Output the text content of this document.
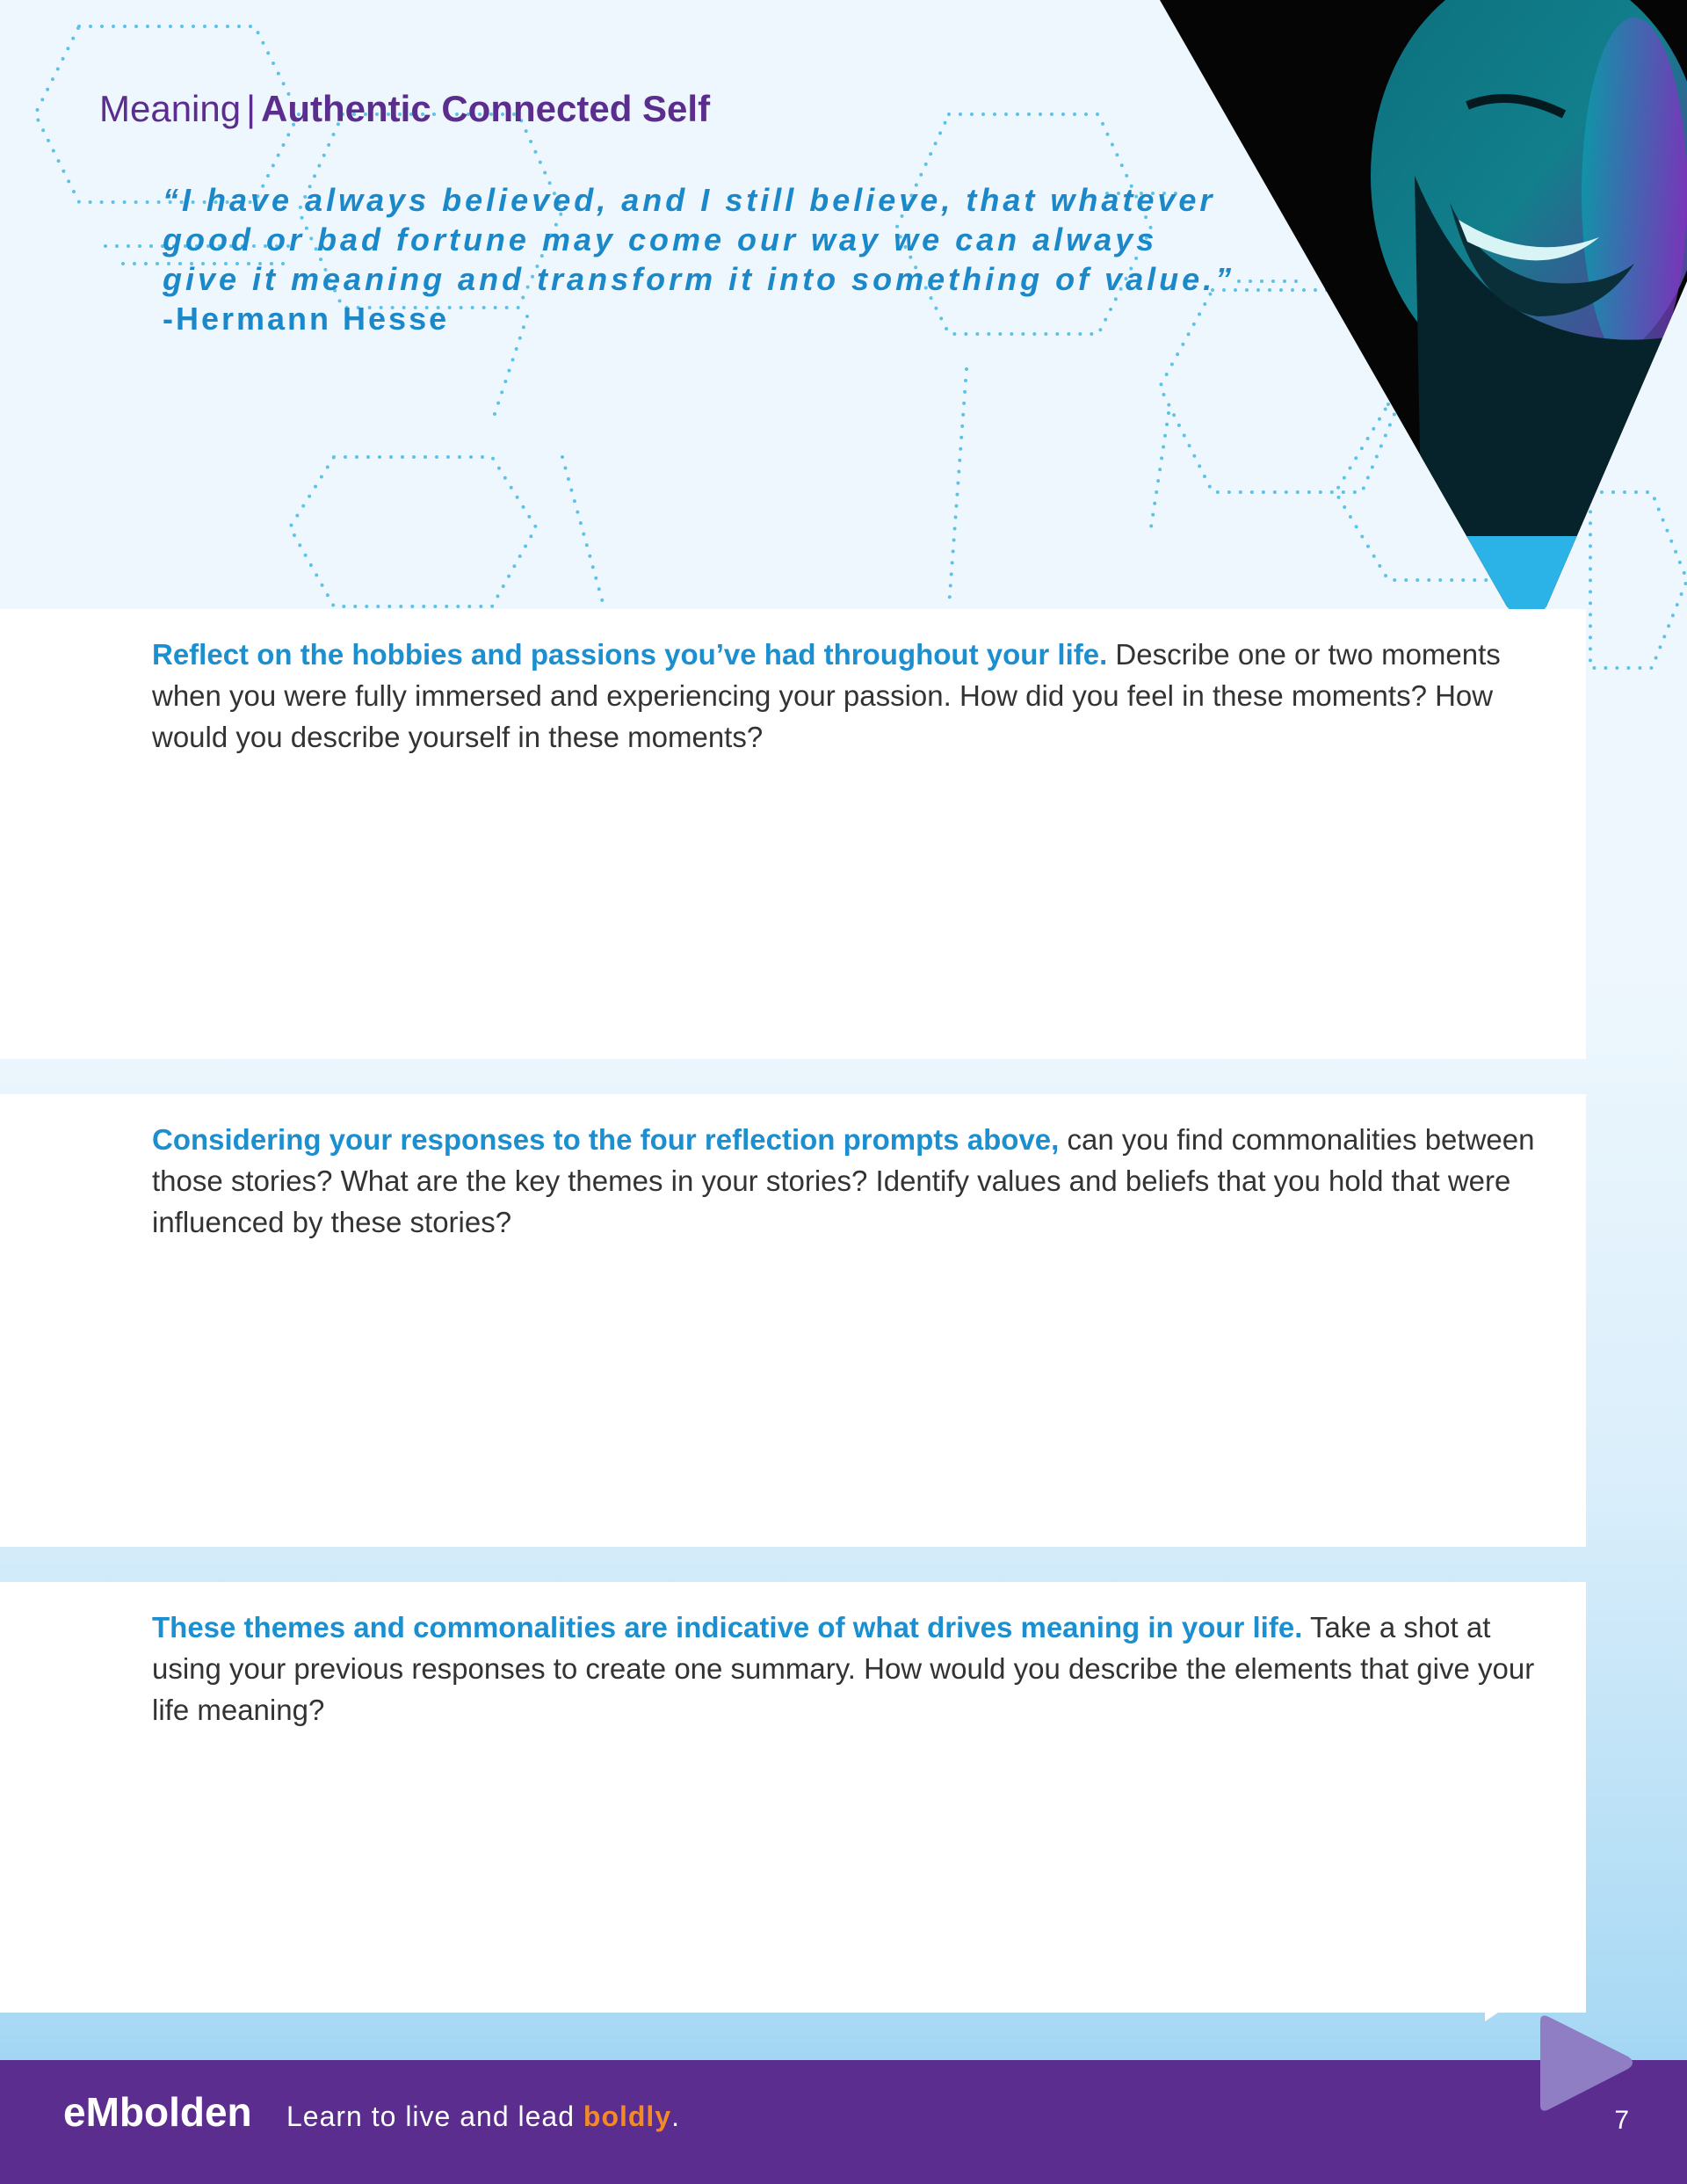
Meaning | Authentic Connected Self

“I have always believed, and I still believe, that whatever good or bad fortune may come our way we can always give it meaning and transform it into something of value.”
-Hermann Hesse

Reflect on the hobbies and passions you’ve had throughout your life. Describe one or two moments when you were fully immersed and experiencing your passion. How did you feel in these moments? How would you describe yourself in these moments?

Considering your responses to the four reflection prompts above, can you find commonalities between those stories? What are the key themes in your stories? Identify values and beliefs that you hold that were influenced by these stories?

These themes and commonalities are indicative of what drives meaning in your life. Take a shot at using your previous responses to create one summary. How would you describe the elements that give your life meaning?

eMbolden Learn to live and lead boldly.	7
